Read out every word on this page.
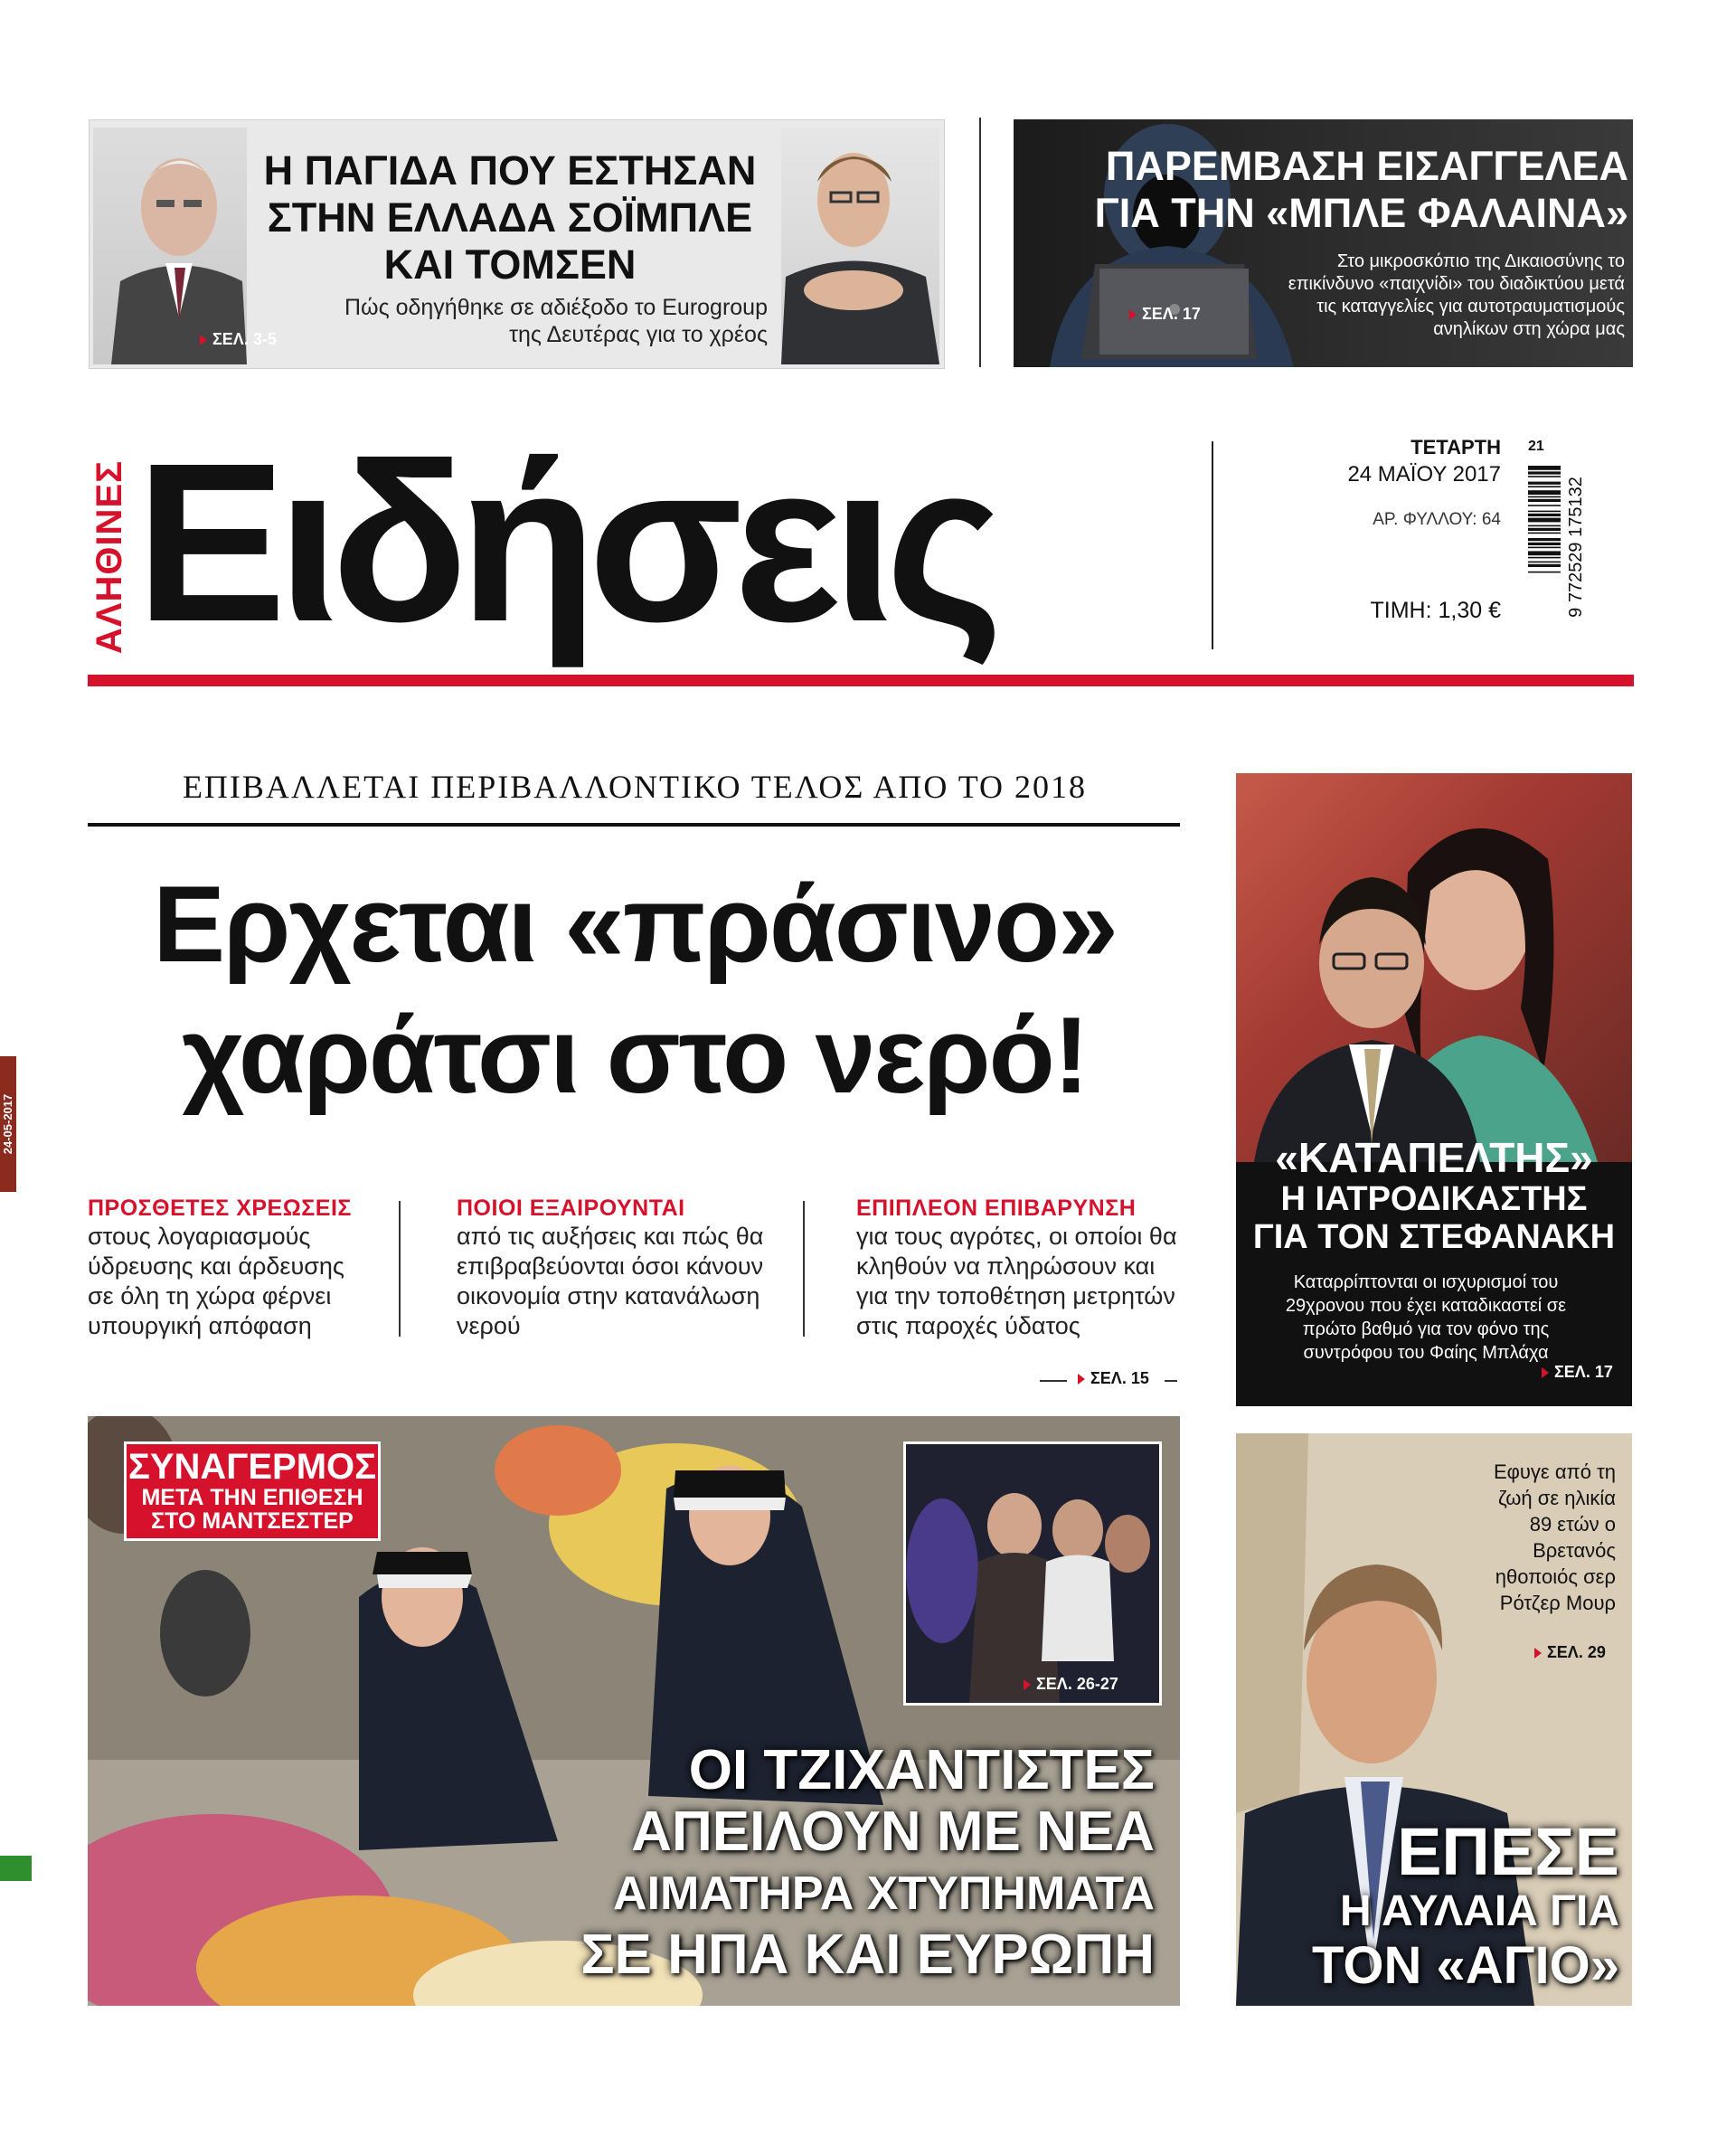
Η ΠΑΓΙΔΑ ΠΟΥ ΕΣΤΗΣΑΝ
ΣΤΗΝ ΕΛΛΑΔΑ ΣΟΪΜΠΛΕ
ΚΑΙ ΤΟΜΣΕΝ
Πώς οδηγήθηκε σε αδιέξοδο το Eurogroup
της Δευτέρας για το χρέος
ΣΕΛ. 3-5
ΠΑΡΕΜΒΑΣΗ ΕΙΣΑΓΓΕΛΕΑ
ΓΙΑ ΤΗΝ «ΜΠΛΕ ΦΑΛΑΙΝΑ»
Στο μικροσκόπιο της Δικαιοσύνης το
επικίνδυνο «παιχνίδι» του διαδικτύου μετά
τις καταγγελίες για αυτοτραυματισμούς
ανηλίκων στη χώρα μας
ΣΕΛ. 17
ΑΛΗΘΙΝΕΣ Ειδήσεις	ΤΕΤΑΡΤΗ
24 ΜΑΪΟΥ 2017
ΑΡ. ΦΥΛΛΟΥ: 64
ΤΙΜΗ: 1,30 €	9 772529 175132
21
ΕΠΙΒΑΛΛΕΤΑΙ ΠΕΡΙΒΑΛΛΟΝΤΙΚΟ ΤΕΛΟΣ ΑΠΟ ΤΟ 2018
Ερχεται «πράσινο»
χαράτσι στο νερό!
ΠΡΟΣΘΕΤΕΣ ΧΡΕΩΣΕΙΣ
στους λογαριασμούς
ύδρευσης και άρδευσης
σε όλη τη χώρα φέρνει
υπουργική απόφαση
ΠΟΙΟΙ ΕΞΑΙΡΟΥΝΤΑΙ
από τις αυξήσεις και πώς θα
επιβραβεύονται όσοι κάνουν
οικονομία στην κατανάλωση
νερού
ΕΠΙΠΛΕΟΝ ΕΠΙΒΑΡΥΝΣΗ
για τους αγρότες, οι οποίοι θα
κληθούν να πληρώσουν και
για την τοποθέτηση μετρητών
στις παροχές ύδατος
ΣΕΛ. 15
«ΚΑΤΑΠΕΛΤΗΣ»
Η ΙΑΤΡΟΔΙΚΑΣΤΗΣ
ΓΙΑ ΤΟΝ ΣΤΕΦΑΝΑΚΗ
Καταρρίπτονται οι ισχυρισμοί του
29χρονου που έχει καταδικαστεί σε
πρώτο βαθμό για τον φόνο της
συντρόφου του Φαίης Μπλάχα
ΣΕΛ. 17
ΣΕΛ. 26-27
ΣΥΝΑΓΕΡΜΟΣ
ΜΕΤΑ ΤΗΝ ΕΠΙΘΕΣΗ
ΣΤΟ ΜΑΝΤΣΕΣΤΕΡ
ΟΙ ΤΖΙΧΑΝΤΙΣΤΕΣ
ΑΠΕΙΛΟΥΝ ΜΕ ΝΕΑ
ΑΙΜΑΤΗΡΑ ΧΤΥΠΗΜΑΤΑ
ΣΕ ΗΠΑ ΚΑΙ ΕΥΡΩΠΗ
Εφυγε από τη
ζωή σε ηλικία
89 ετών ο
Βρετανός
ηθοποιός σερ
Ρότζερ Μουρ
ΣΕΛ. 29
ΕΠΕΣΕ
Η ΑΥΛΑΙΑ ΓΙΑ
ΤΟΝ «ΑΓΙΟ»
24-05-2017
